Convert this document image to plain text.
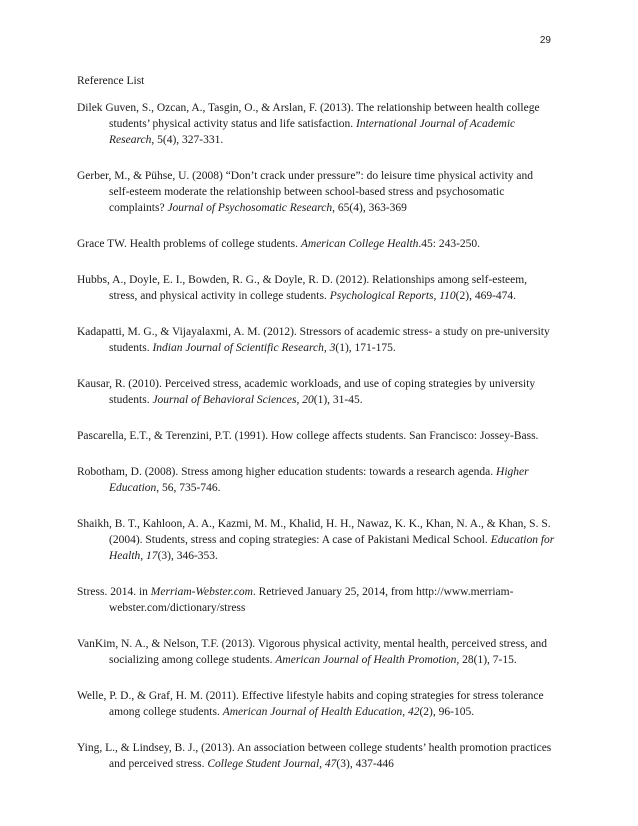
29
Reference List

Dilek Guven, S., Ozcan, A., Tasgin, O., & Arslan, F. (2013). The relationship between health college students’ physical activity status and life satisfaction. International Journal of Academic Research, 5(4), 327-331.

Gerber, M., & Pühse, U. (2008) “Don’t crack under pressure”: do leisure time physical activity and self-esteem moderate the relationship between school-based stress and psychosomatic complaints? Journal of Psychosomatic Research, 65(4), 363-369

Grace TW. Health problems of college students. American College Health.45: 243-250.

Hubbs, A., Doyle, E. I., Bowden, R. G., & Doyle, R. D. (2012). Relationships among self-esteem, stress, and physical activity in college students. Psychological Reports, 110(2), 469-474.

Kadapatti, M. G., & Vijayalaxmi, A. M. (2012). Stressors of academic stress- a study on pre-university students. Indian Journal of Scientific Research, 3(1), 171-175.

Kausar, R. (2010). Perceived stress, academic workloads, and use of coping strategies by university students. Journal of Behavioral Sciences, 20(1), 31-45.

Pascarella, E.T., & Terenzini, P.T. (1991). How college affects students. San Francisco: Jossey-Bass.

Robotham, D. (2008). Stress among higher education students: towards a research agenda. Higher Education, 56, 735-746.

Shaikh, B. T., Kahloon, A. A., Kazmi, M. M., Khalid, H. H., Nawaz, K. K., Khan, N. A., & Khan, S. S. (2004). Students, stress and coping strategies: A case of Pakistani Medical School. Education for Health, 17(3), 346-353.

Stress. 2014. in Merriam-Webster.com. Retrieved January 25, 2014, from http://www.merriam-webster.com/dictionary/stress

VanKim, N. A., & Nelson, T.F. (2013). Vigorous physical activity, mental health, perceived stress, and socializing among college students. American Journal of Health Promotion, 28(1), 7-15.

Welle, P. D., & Graf, H. M. (2011). Effective lifestyle habits and coping strategies for stress tolerance among college students. American Journal of Health Education, 42(2), 96-105.

Ying, L., & Lindsey, B. J., (2013). An association between college students’ health promotion practices and perceived stress. College Student Journal, 47(3), 437-446
